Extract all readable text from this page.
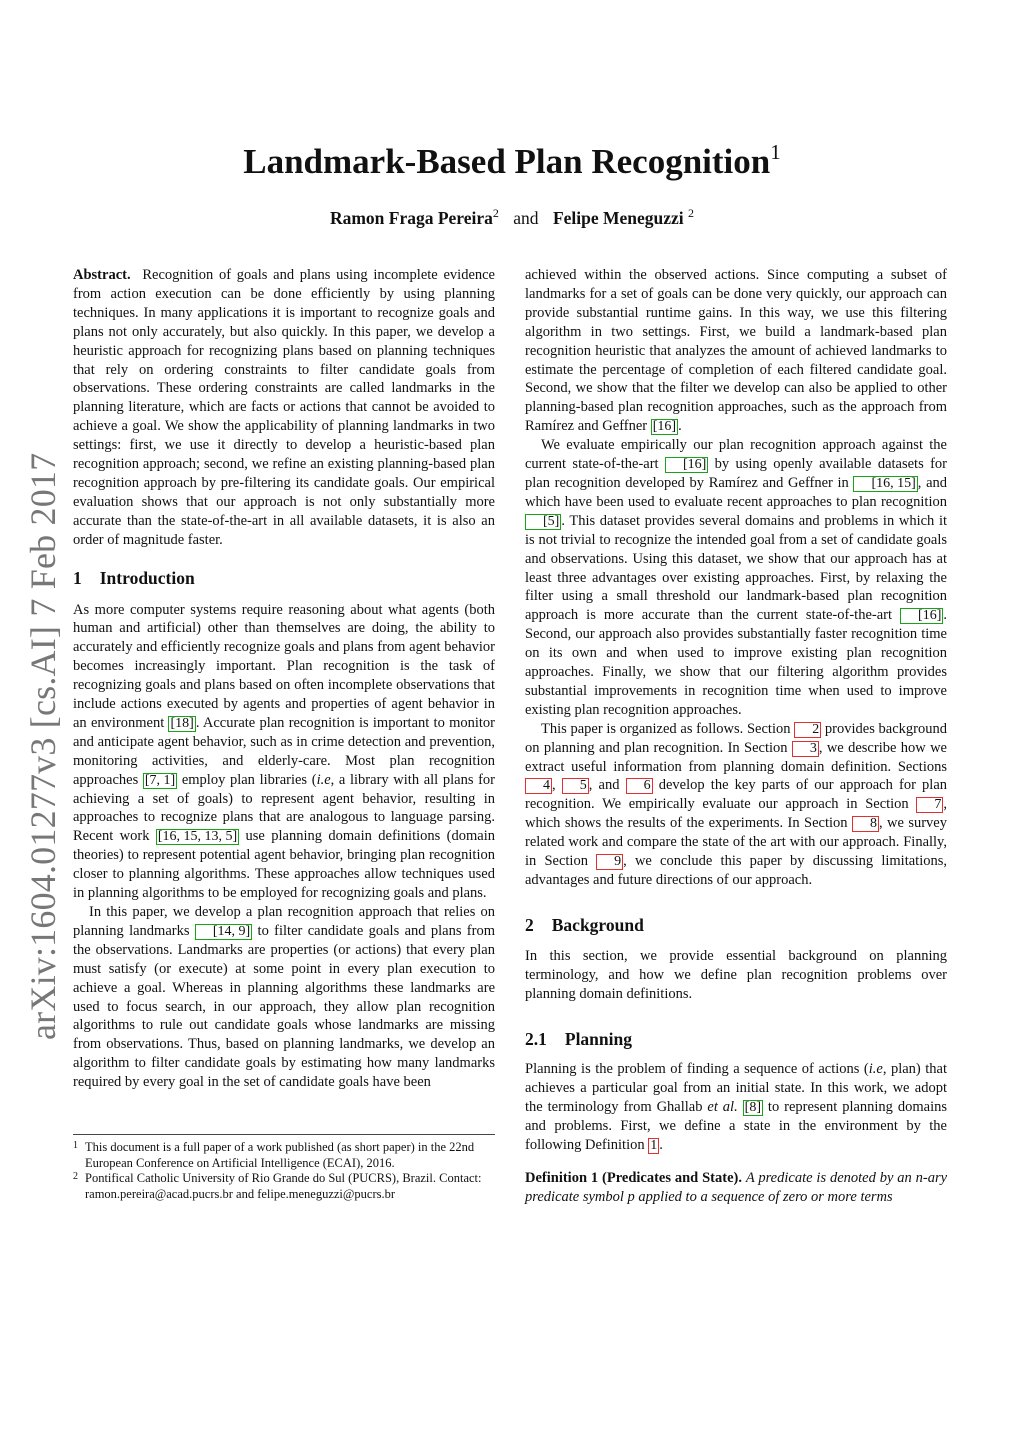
arXiv:1604.01277v3 [cs.AI] 7 Feb 2017
Landmark-Based Plan Recognition$^1$
Ramon Fraga Pereira$^2$ and Felipe Meneguzzi $^2$

Abstract. Recognition of goals and plans using incomplete evidence from action execution can be done efficiently by using planning techniques. In many applications it is important to recognize goals and plans not only accurately, but also quickly. In this paper, we develop a heuristic approach for recognizing plans based on planning techniques that rely on ordering constraints to filter candidate goals from observations. These ordering constraints are called landmarks in the planning literature, which are facts or actions that cannot be avoided to achieve a goal. We show the applicability of planning landmarks in two settings: first, we use it directly to develop a heuristic-based plan recognition approach; second, we refine an existing planning-based plan recognition approach by pre-filtering its candidate goals. Our empirical evaluation shows that our approach is not only substantially more accurate than the state-of-the-art in all available datasets, it is also an order of magnitude faster.

1 Introduction

As more computer systems require reasoning about what agents (both human and artificial) other than themselves are doing, the ability to accurately and efficiently recognize goals and plans from agent behavior becomes increasingly important. Plan recognition is the task of recognizing goals and plans based on often incomplete observations that include actions executed by agents and properties of agent behavior in an environment [18] . Accurate plan recognition is important to monitor and anticipate agent behavior, such as in crime detection and prevention, monitoring activities, and elderly-care. Most plan recognition approaches [7, 1] employ plan libraries (i.e, a library with all plans for achieving a set of goals) to represent agent behavior, resulting in approaches to recognize plans that are analogous to language parsing. Recent work [16, 15, 13, 5] use planning domain definitions (domain theories) to represent potential agent behavior, bringing plan recognition closer to planning algorithms. These approaches allow techniques used in planning algorithms to be employed for recognizing goals and plans.

In this paper, we develop a plan recognition approach that relies on planning landmarks [14, 9] to filter candidate goals and plans from the observations. Landmarks are properties (or actions) that every plan must satisfy (or execute) at some point in every plan execution to achieve a goal. Whereas in planning algorithms these landmarks are used to focus search, in our approach, they allow plan recognition algorithms to rule out candidate goals whose landmarks are missing from observations. Thus, based on planning landmarks, we develop an algorithm to filter candidate goals by estimating how many landmarks required by every goal in the set of candidate goals have been

1 This document is a full paper of a work published (as short paper) in the 22nd European Conference on Artificial Intelligence (ECAI), 2016.
2 Pontifical Catholic University of Rio Grande do Sul (PUCRS), Brazil. Contact: ramon.pereira@acad.pucrs.br and felipe.meneguzzi@pucrs.br

achieved within the observed actions. Since computing a subset of landmarks for a set of goals can be done very quickly, our approach can provide substantial runtime gains. In this way, we use this filtering algorithm in two settings. First, we build a landmark-based plan recognition heuristic that analyzes the amount of achieved landmarks to estimate the percentage of completion of each filtered candidate goal. Second, we show that the filter we develop can also be applied to other planning-based plan recognition approaches, such as the approach from Ramírez and Geffner [16] .

We evaluate empirically our plan recognition approach against the current state-of-the-art [16] by using openly available datasets for plan recognition developed by Ramírez and Geffner in [16, 15] , and which have been used to evaluate recent approaches to plan recognition [5] . This dataset provides several domains and problems in which it is not trivial to recognize the intended goal from a set of candidate goals and observations. Using this dataset, we show that our approach has at least three advantages over existing approaches. First, by relaxing the filter using a small threshold our landmark-based plan recognition approach is more accurate than the current state-of-the-art [16] . Second, our approach also provides substantially faster recognition time on its own and when used to improve existing plan recognition approaches. Finally, we show that our filtering algorithm provides substantial improvements in recognition time when used to improve existing plan recognition approaches.

This paper is organized as follows. Section 2 provides background on planning and plan recognition. In Section 3 , we describe how we extract useful information from planning domain definition. Sections 4 , 5 , and 6 develop the key parts of our approach for plan recognition. We empirically evaluate our approach in Section 7 , which shows the results of the experiments. In Section 8 , we survey related work and compare the state of the art with our approach. Finally, in Section 9 , we conclude this paper by discussing limitations, advantages and future directions of our approach.

2 Background

In this section, we provide essential background on planning terminology, and how we define plan recognition problems over planning domain definitions.

2.1 Planning

Planning is the problem of finding a sequence of actions (i.e, plan) that achieves a particular goal from an initial state. In this work, we adopt the terminology from Ghallab et al. [8] to represent planning domains and problems. First, we define a state in the environment by the following Definition 1 .

Definition 1 (Predicates and State). A predicate is denoted by an n-ary predicate symbol p applied to a sequence of zero or more terms
